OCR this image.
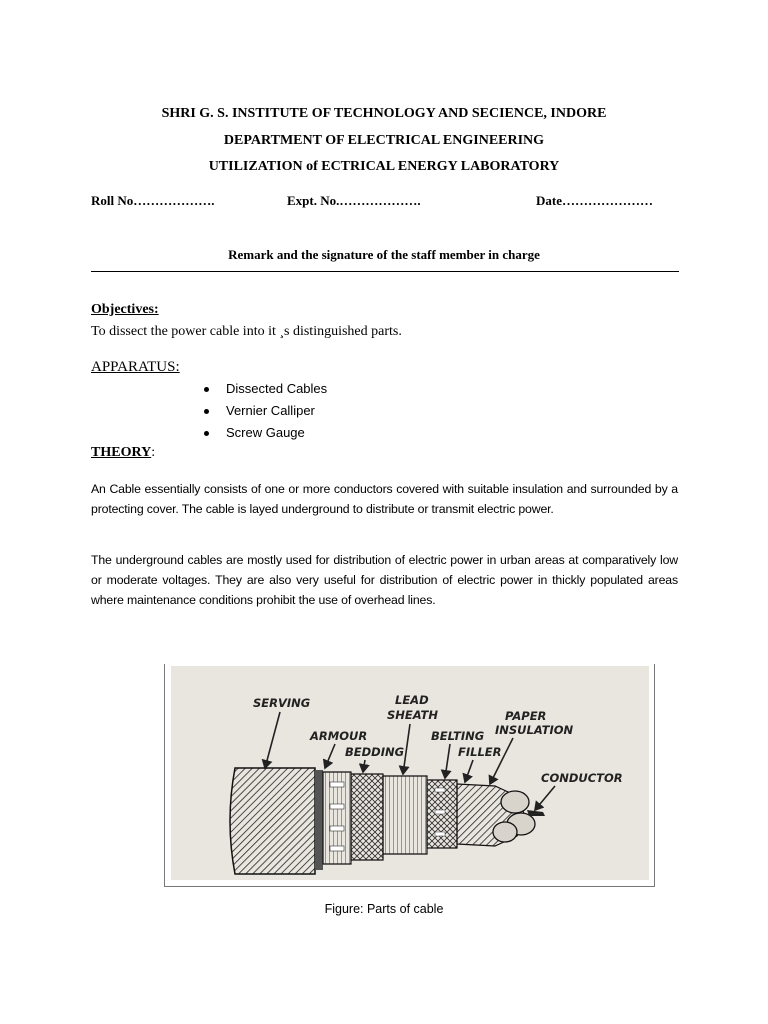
SHRI G. S. INSTITUTE OF TECHNOLOGY AND SECIENCE, INDORE
DEPARTMENT OF ELECTRICAL ENGINEERING
UTILIZATION of ECTRICAL ENERGY LABORATORY
Roll No……………….	Expt. No.……………….	Date…………………
Remark and the signature of the staff member in charge
Objectives:
To dissect the power cable into it ¸s distinguished parts.
APPARATUS:
Dissected Cables
Vernier Calliper
Screw Gauge
THEORY:
An Cable essentially consists of one or more conductors covered with suitable insulation and surrounded by a protecting cover. The cable is layed underground to distribute or transmit electric power.
The underground cables are mostly used for distribution of electric power in urban areas at comparatively low or moderate voltages. They are also very useful for distribution of electric power in thickly populated areas where maintenance conditions prohibit the use of overhead lines.
SERVING
ARMOUR
LEAD
SHEATH
BEDDING
BELTING
FILLER
PAPER
INSULATION
CONDUCTOR
Figure: Parts of cable
